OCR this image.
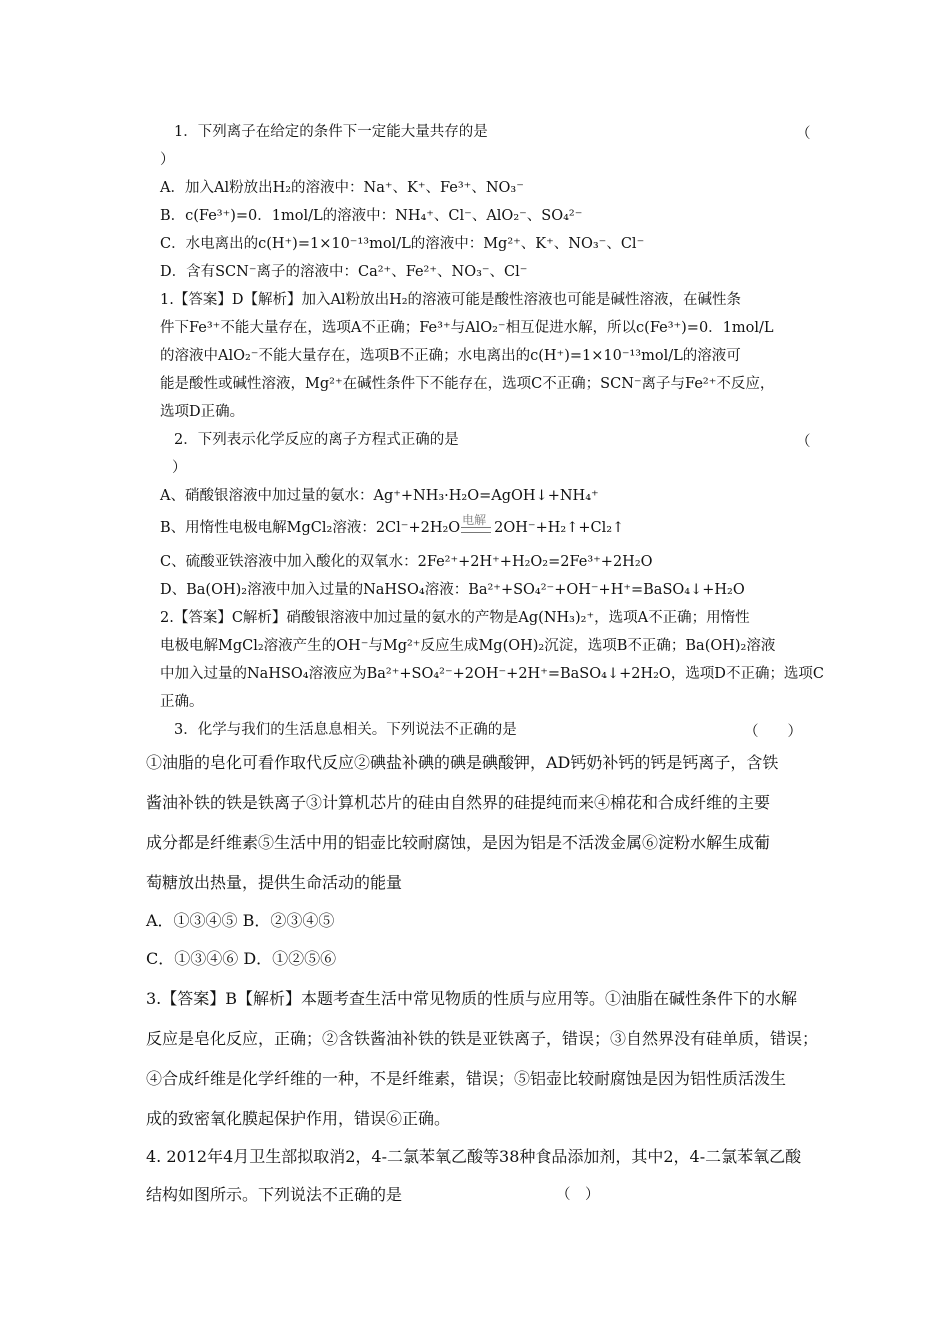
1．下列离子在给定的条件下一定能大量共存的是	（
）
A．加入Al粉放出H₂的溶液中：Na⁺、K⁺、Fe³⁺、NO₃⁻
B．c(Fe³⁺)=0．1mol/L的溶液中：NH₄⁺、Cl⁻、AlO₂⁻、SO₄²⁻
C．水电离出的c(H⁺)=1×10⁻¹³mol/L的溶液中：Mg²⁺、K⁺、NO₃⁻、Cl⁻
D．含有SCN⁻离子的溶液中：Ca²⁺、Fe²⁺、NO₃⁻、Cl⁻
1.【答案】D【解析】加入Al粉放出H₂的溶液可能是酸性溶液也可能是碱性溶液，在碱性条
件下Fe³⁺不能大量存在，选项A不正确；Fe³⁺与AlO₂⁻相互促进水解，所以c(Fe³⁺)=0．1mol/L
的溶液中AlO₂⁻不能大量存在，选项B不正确；水电离出的c(H⁺)=1×10⁻¹³mol/L的溶液可
能是酸性或碱性溶液，Mg²⁺在碱性条件下不能存在，选项C不正确；SCN⁻离子与Fe²⁺不反应，
选项D正确。
2．下列表示化学反应的离子方程式正确的是	（
）
A、硝酸银溶液中加过量的氨水：Ag⁺+NH₃·H₂O=AgOH↓+NH₄⁺
B、用惰性电极电解MgCl₂溶液：2Cl⁻+2H₂O 电解 2OH⁻+H₂↑+Cl₂↑
C、硫酸亚铁溶液中加入酸化的双氧水：2Fe²⁺+2H⁺+H₂O₂=2Fe³⁺+2H₂O
D、Ba(OH)₂溶液中加入过量的NaHSO₄溶液：Ba²⁺+SO₄²⁻+OH⁻+H⁺=BaSO₄↓+H₂O
2.【答案】C解析】硝酸银溶液中加过量的氨水的产物是Ag(NH₃)₂⁺，选项A不正确；用惰性
电极电解MgCl₂溶液产生的OH⁻与Mg²⁺反应生成Mg(OH)₂沉淀，选项B不正确；Ba(OH)₂溶液
中加入过量的NaHSO₄溶液应为Ba²⁺+SO₄²⁻+2OH⁻+2H⁺=BaSO₄↓+2H₂O，选项D不正确；选项C
正确。
3．化学与我们的生活息息相关。下列说法不正确的是	（　　）
①油脂的皂化可看作取代反应②碘盐补碘的碘是碘酸钾，AD钙奶补钙的钙是钙离子，含铁
酱油补铁的铁是铁离子③计算机芯片的硅由自然界的硅提纯而来④棉花和合成纤维的主要
成分都是纤维素⑤生活中用的铝壶比较耐腐蚀，是因为铝是不活泼金属⑥淀粉水解生成葡
萄糖放出热量，提供生命活动的能量
A．①③④⑤ B．②③④⑤
C．①③④⑥ D．①②⑤⑥
3.【答案】B【解析】本题考查生活中常见物质的性质与应用等。①油脂在碱性条件下的水解
反应是皂化反应，正确；②含铁酱油补铁的铁是亚铁离子，错误；③自然界没有硅单质，错误；
④合成纤维是化学纤维的一种，不是纤维素，错误；⑤铝壶比较耐腐蚀是因为铝性质活泼生
成的致密氧化膜起保护作用，错误⑥正确。
4. 2012年4月卫生部拟取消2，4-二氯苯氧乙酸等38种食品添加剂，其中2，4-二氯苯氧乙酸
结构如图所示。下列说法不正确的是	（　）
